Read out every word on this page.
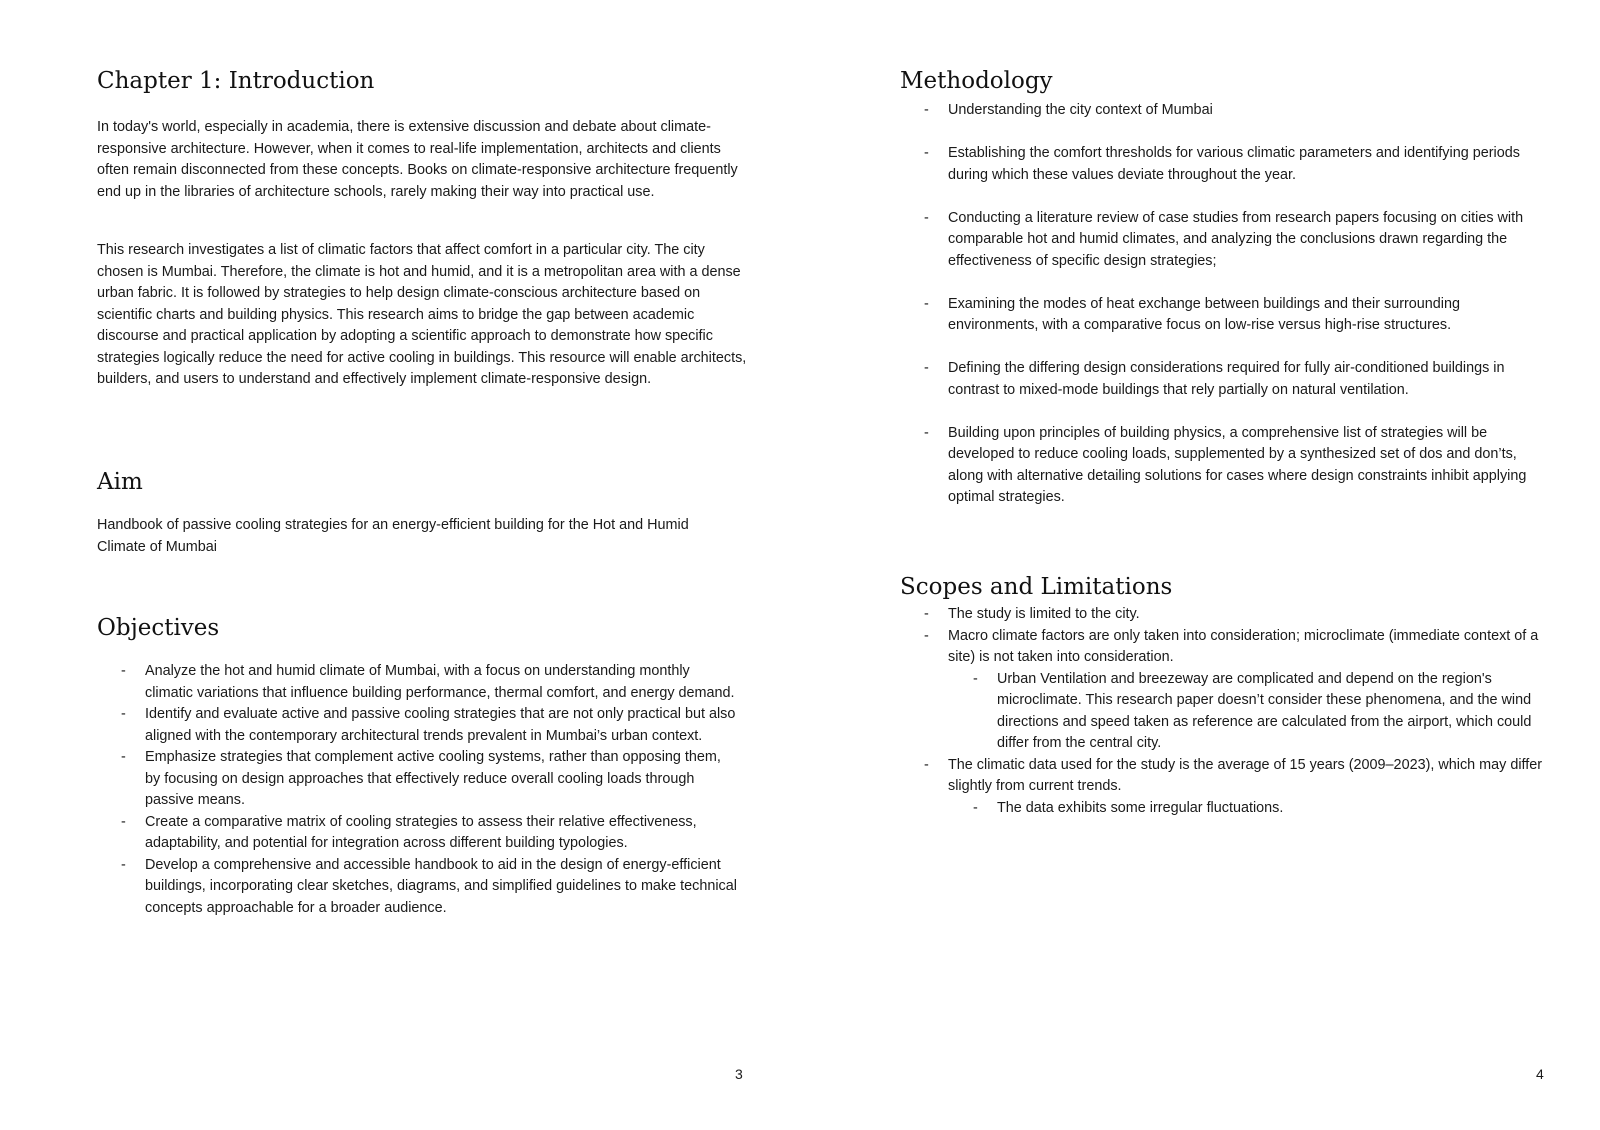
Chapter 1: Introduction

In today's world, especially in academia, there is extensive discussion and debate about climate-responsive architecture. However, when it comes to real-life implementation, architects and clients often remain disconnected from these concepts. Books on climate-responsive architecture frequently end up in the libraries of architecture schools, rarely making their way into practical use.

This research investigates a list of climatic factors that affect comfort in a particular city. The city chosen is Mumbai. Therefore, the climate is hot and humid, and it is a metropolitan area with a dense urban fabric. It is followed by strategies to help design climate-conscious architecture based on scientific charts and building physics. This research aims to bridge the gap between academic discourse and practical application by adopting a scientific approach to demonstrate how specific strategies logically reduce the need for active cooling in buildings. This resource will enable architects, builders, and users to understand and effectively implement climate-responsive design.

Aim

Handbook of passive cooling strategies for an energy-efficient building for the Hot and Humid Climate of Mumbai

Objectives
- Analyze the hot and humid climate of Mumbai, with a focus on understanding monthly climatic variations that influence building performance, thermal comfort, and energy demand.
- Identify and evaluate active and passive cooling strategies that are not only practical but also aligned with the contemporary architectural trends prevalent in Mumbai’s urban context.
- Emphasize strategies that complement active cooling systems, rather than opposing them, by focusing on design approaches that effectively reduce overall cooling loads through passive means.
- Create a comparative matrix of cooling strategies to assess their relative effectiveness, adaptability, and potential for integration across different building typologies.
- Develop a comprehensive and accessible handbook to aid in the design of energy-efficient buildings, incorporating clear sketches, diagrams, and simplified guidelines to make technical concepts approachable for a broader audience.
3
Methodology
- Understanding the city context of Mumbai
- Establishing the comfort thresholds for various climatic parameters and identifying periods during which these values deviate throughout the year.
- Conducting a literature review of case studies from research papers focusing on cities with comparable hot and humid climates, and analyzing the conclusions drawn regarding the effectiveness of specific design strategies;
- Examining the modes of heat exchange between buildings and their surrounding environments, with a comparative focus on low-rise versus high-rise structures.
- Defining the differing design considerations required for fully air-conditioned buildings in contrast to mixed-mode buildings that rely partially on natural ventilation.
- Building upon principles of building physics, a comprehensive list of strategies will be developed to reduce cooling loads, supplemented by a synthesized set of dos and don’ts, along with alternative detailing solutions for cases where design constraints inhibit applying optimal strategies.
Scopes and Limitations
- The study is limited to the city.
- Macro climate factors are only taken into consideration; microclimate (immediate context of a site) is not taken into consideration.
- Urban Ventilation and breezeway are complicated and depend on the region's microclimate. This research paper doesn’t consider these phenomena, and the wind directions and speed taken as reference are calculated from the airport, which could differ from the central city.
- The climatic data used for the study is the average of 15 years (2009–2023), which may differ slightly from current trends.
- The data exhibits some irregular fluctuations.
4
